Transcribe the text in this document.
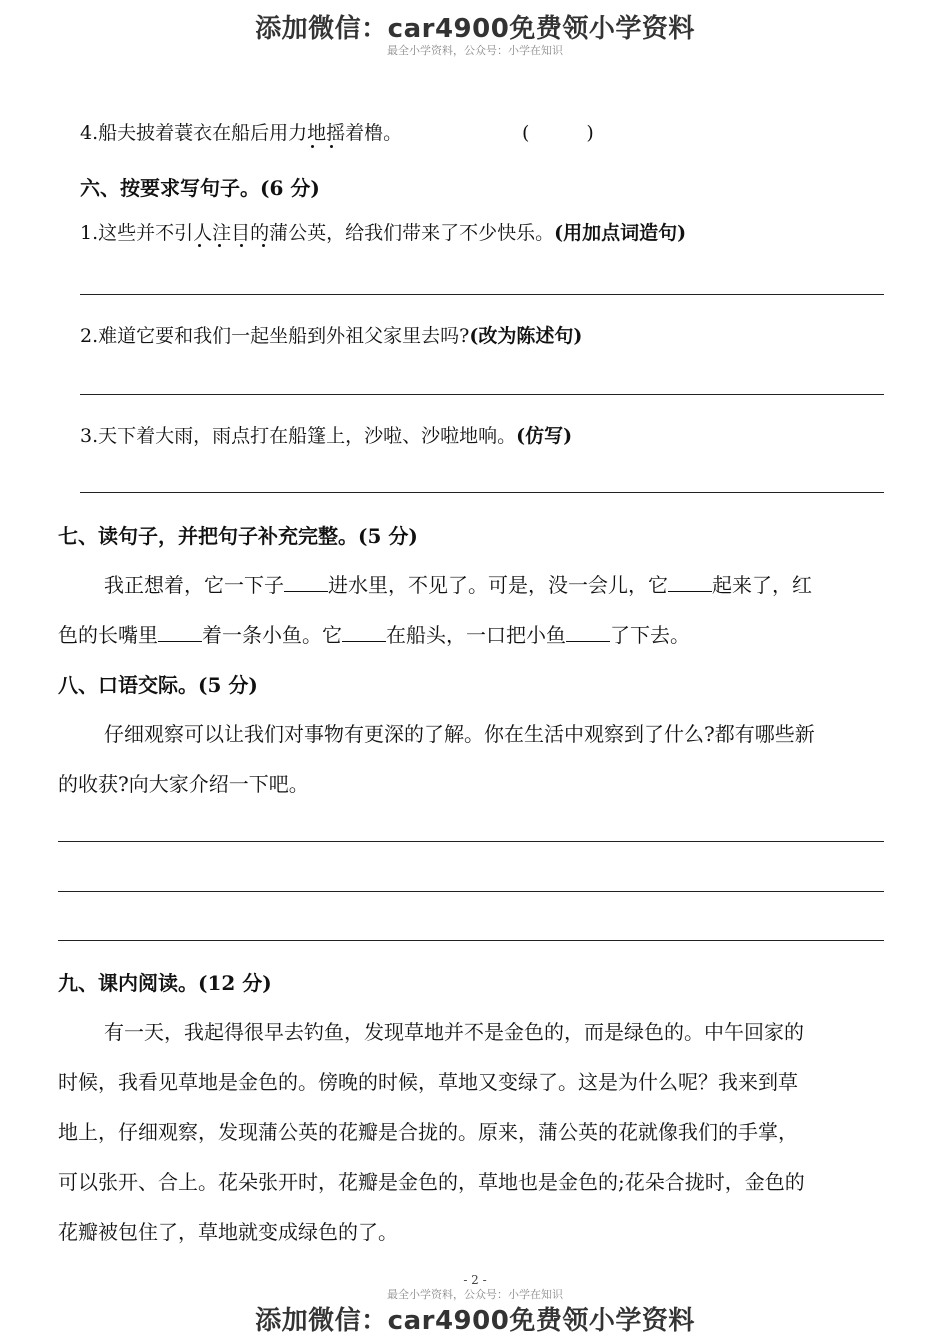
添加微信：car4900免费领小学资料
最全小学资料，公众号：小学在知识
4.船夫披着蓑衣在船后用力地摇着橹。	(　　　)
六、按要求写句子。(6 分)
1.这些并不引人注目的蒲公英，给我们带来了不少快乐。(用加点词造句)
2.难道它要和我们一起坐船到外祖父家里去吗?(改为陈述句)
3.天下着大雨，雨点打在船篷上，沙啦、沙啦地响。(仿写)
七、读句子，并把句子补充完整。(5 分)
我正想着，它一下子 进水里，不见了。可是，没一会儿，它 起来了，红
色的长嘴里 着一条小鱼。它 在船头，一口把小鱼 了下去。
八、口语交际。(5 分)
仔细观察可以让我们对事物有更深的了解。你在生活中观察到了什么?都有哪些新
的收获?向大家介绍一下吧。
九、课内阅读。(12 分)
有一天，我起得很早去钓鱼，发现草地并不是金色的，而是绿色的。中午回家的
时候，我看见草地是金色的。傍晚的时候，草地又变绿了。这是为什么呢？我来到草
地上，仔细观察，发现蒲公英的花瓣是合拢的。原来，蒲公英的花就像我们的手掌，
可以张开、合上。花朵张开时，花瓣是金色的，草地也是金色的;花朵合拢时，金色的
花瓣被包住了，草地就变成绿色的了。
- 2 -
最全小学资料，公众号：小学在知识
添加微信：car4900免费领小学资料
